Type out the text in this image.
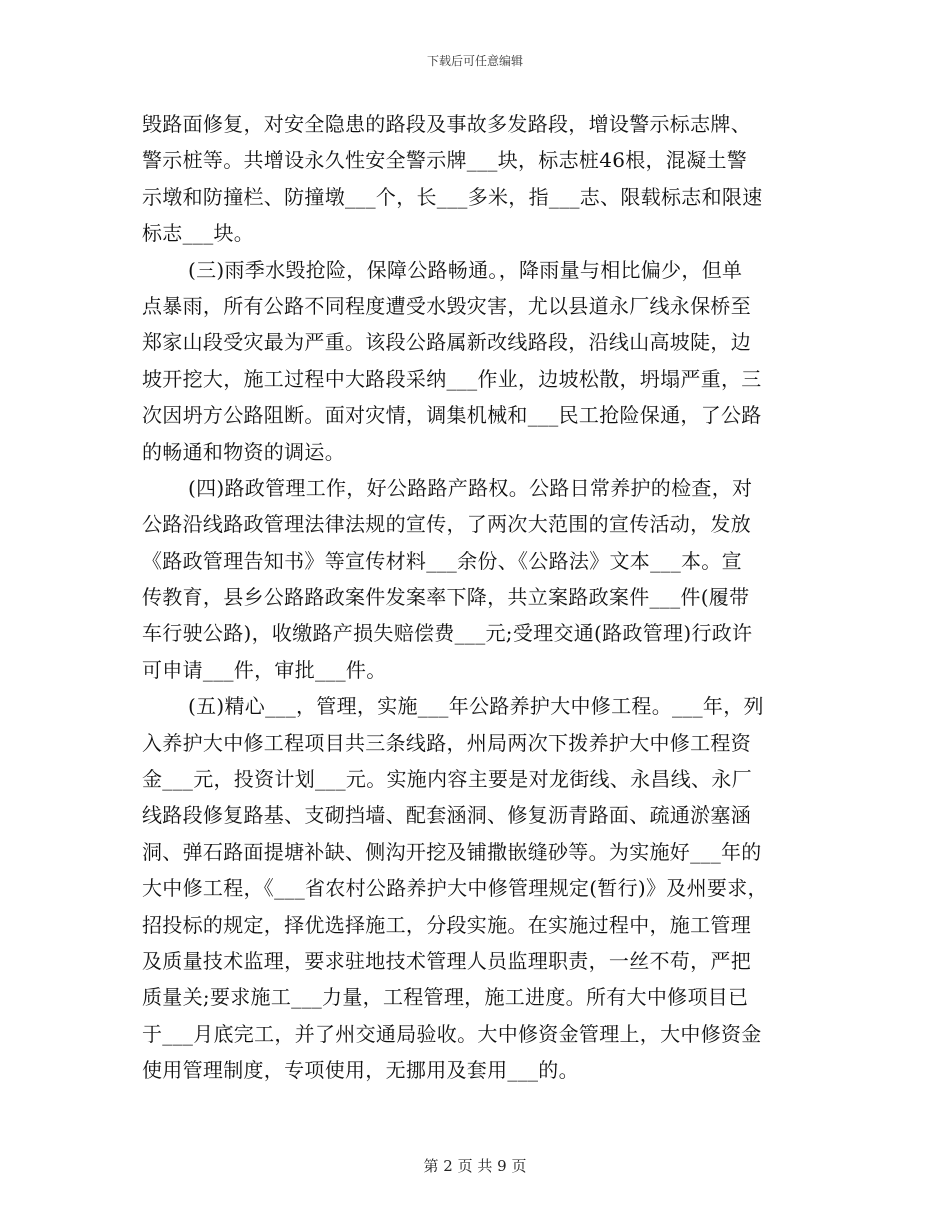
下载后可任意编辑
毁路面修复，对安全隐患的路段及事故多发路段，增设警示标志牌、
警示桩等。共增设永久性安全警示牌___块，标志桩46根，混凝土警
示墩和防撞栏、防撞墩___个，长___多米，指___志、限载标志和限速
标志___块。
(三)雨季水毁抢险，保障公路畅通。，降雨量与相比偏少，但单
点暴雨，所有公路不同程度遭受水毁灾害，尤以县道永厂线永保桥至
郑家山段受灾最为严重。该段公路属新改线路段，沿线山高坡陡，边
坡开挖大，施工过程中大路段采纳___作业，边坡松散，坍塌严重，三
次因坍方公路阻断。面对灾情，调集机械和___民工抢险保通，了公路
的畅通和物资的调运。
(四)路政管理工作，好公路路产路权。公路日常养护的检查，对
公路沿线路政管理法律法规的宣传，了两次大范围的宣传活动，发放
《路政管理告知书》等宣传材料___余份、《公路法》文本___本。宣
传教育，县乡公路路政案件发案率下降，共立案路政案件___件(履带
车行驶公路)，收缴路产损失赔偿费___元;受理交通(路政管理)行政许
可申请___件，审批___件。
(五)精心___，管理，实施___年公路养护大中修工程。___年，列
入养护大中修工程项目共三条线路，州局两次下拨养护大中修工程资
金___元，投资计划___元。实施内容主要是对龙街线、永昌线、永厂
线路段修复路基、支砌挡墙、配套涵洞、修复沥青路面、疏通淤塞涵
洞、弹石路面提塘补缺、侧沟开挖及铺撒嵌缝砂等。为实施好___年的
大中修工程，《___省农村公路养护大中修管理规定(暂行)》及州要求，
招投标的规定，择优选择施工，分段实施。在实施过程中，施工管理
及质量技术监理，要求驻地技术管理人员监理职责，一丝不苟，严把
质量关;要求施工___力量，工程管理，施工进度。所有大中修项目已
于___月底完工，并了州交通局验收。大中修资金管理上，大中修资金
使用管理制度，专项使用，无挪用及套用___的。
第 2 页 共 9 页
